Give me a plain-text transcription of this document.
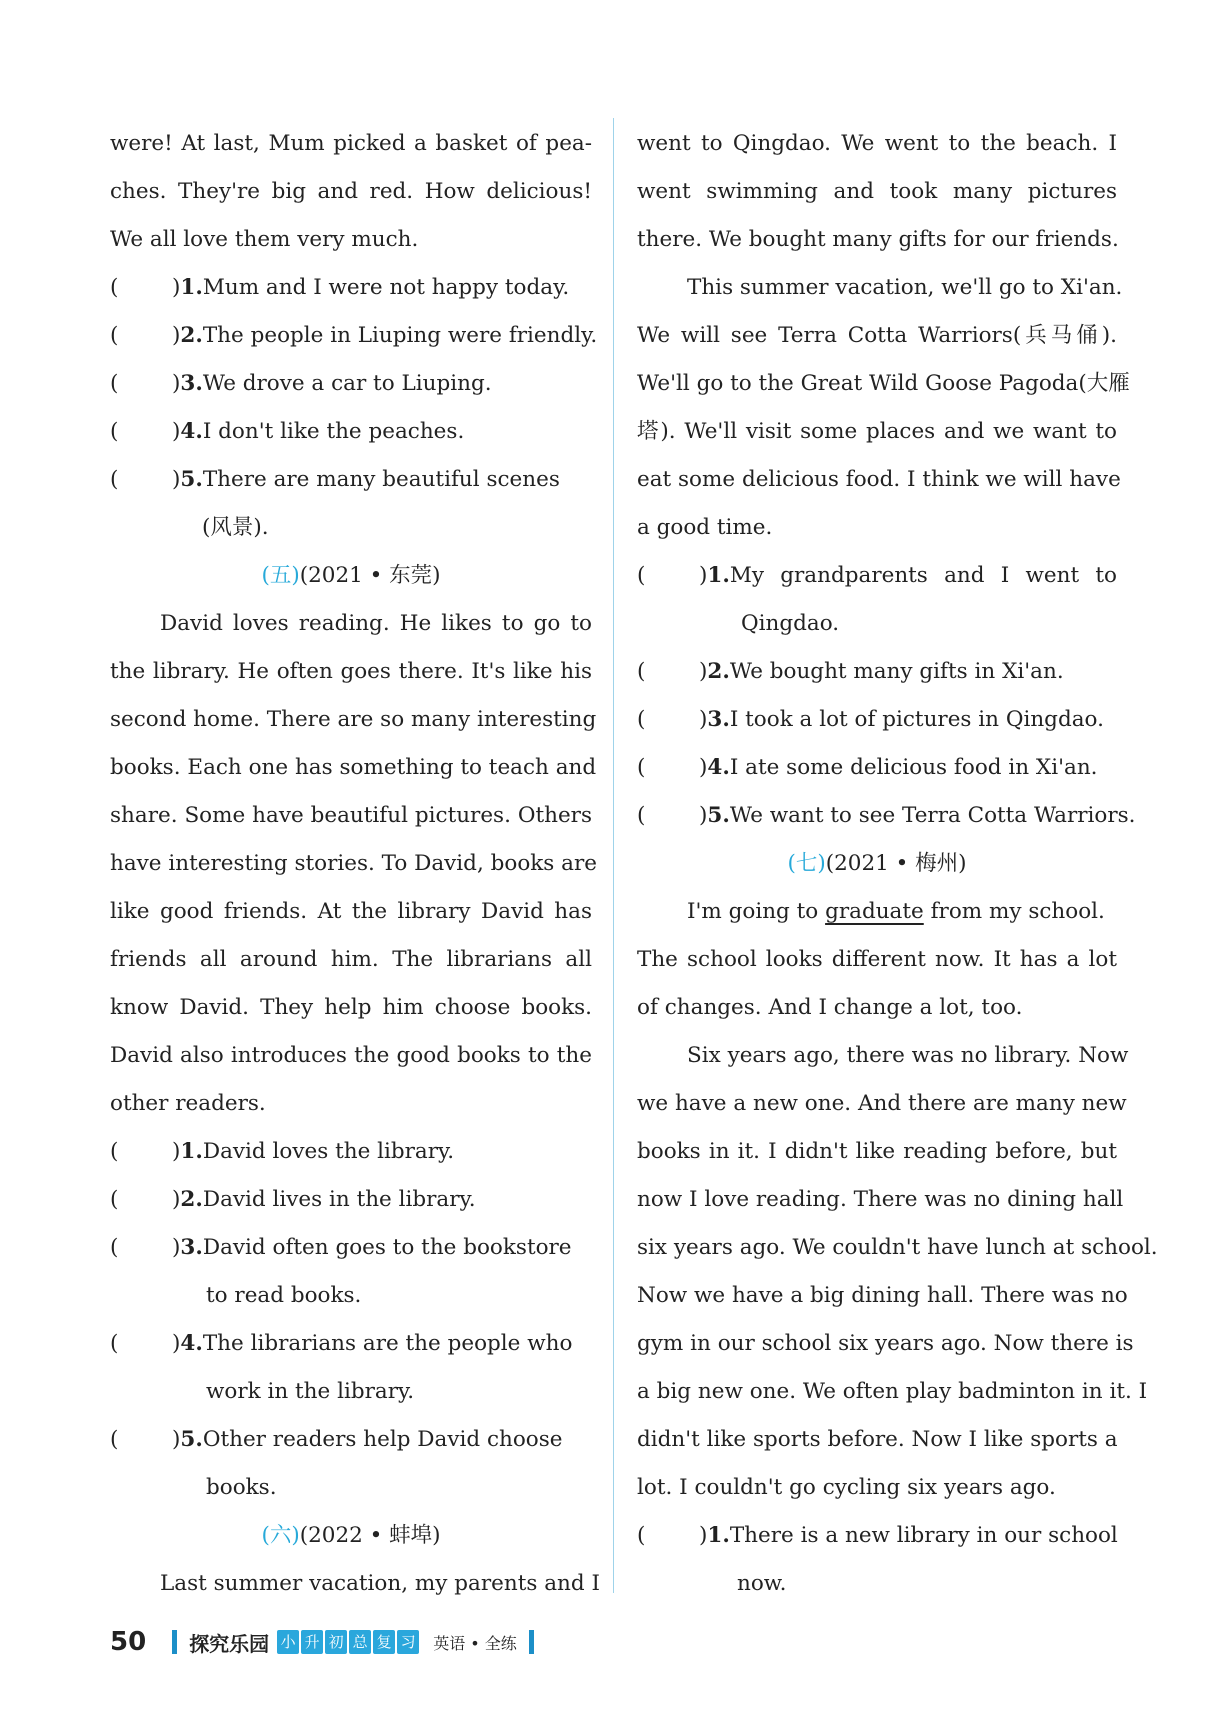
were! At last, Mum picked a basket of pea-
ches. They're big and red. How delicious!
We all love them very much.
(
) 1. Mum and I were not happy today.
(
) 2. The people in Liuping were friendly.
(
) 3. We drove a car to Liuping.
(
) 4. I don't like the peaches.
(
) 5. There are many beautiful scenes
(风景).
(五)(2021 • 东莞)
David loves reading. He likes to go to
the library. He often goes there. It's like his
second home. There are so many interesting
books. Each one has something to teach and
share. Some have beautiful pictures. Others
have interesting stories. To David, books are
like good friends. At the library David has
friends all around him. The librarians all
know David. They help him choose books.
David also introduces the good books to the
other readers.
(
) 1. David loves the library.
(
) 2. David lives in the library.
(
) 3. David often goes to the bookstore
to read books.
(
) 4. The librarians are the people who
work in the library.
(
) 5. Other readers help David choose
books.
(六)(2022 • 蚌埠)
Last summer vacation, my parents and I
went to Qingdao. We went to the beach. I
went swimming and took many pictures
there. We bought many gifts for our friends.
This summer vacation, we'll go to Xi'an.
We will see Terra Cotta Warriors(兵马俑).
We'll go to the Great Wild Goose Pagoda(大雁
塔). We'll visit some places and we want to
eat some delicious food. I think we will have
a good time.
(
) 1. My grandparents and I went to
Qingdao.
(
) 2. We bought many gifts in Xi'an.
(
) 3. I took a lot of pictures in Qingdao.
(
) 4. I ate some delicious food in Xi'an.
(
) 5. We want to see Terra Cotta Warriors.
(七)(2021 • 梅州)
I'm going to graduate from my school.
The school looks different now. It has a lot
of changes. And I change a lot, too.
Six years ago, there was no library. Now
we have a new one. And there are many new
books in it. I didn't like reading before, but
now I love reading. There was no dining hall
six years ago. We couldn't have lunch at school.
Now we have a big dining hall. There was no
gym in our school six years ago. Now there is
a big new one. We often play badminton in it. I
didn't like sports before. Now I like sports a
lot. I couldn't go cycling six years ago.
(
) 1. There is a new library in our school
now.
50 探究乐园 小 升 初 总 复 习 英语 • 全练
